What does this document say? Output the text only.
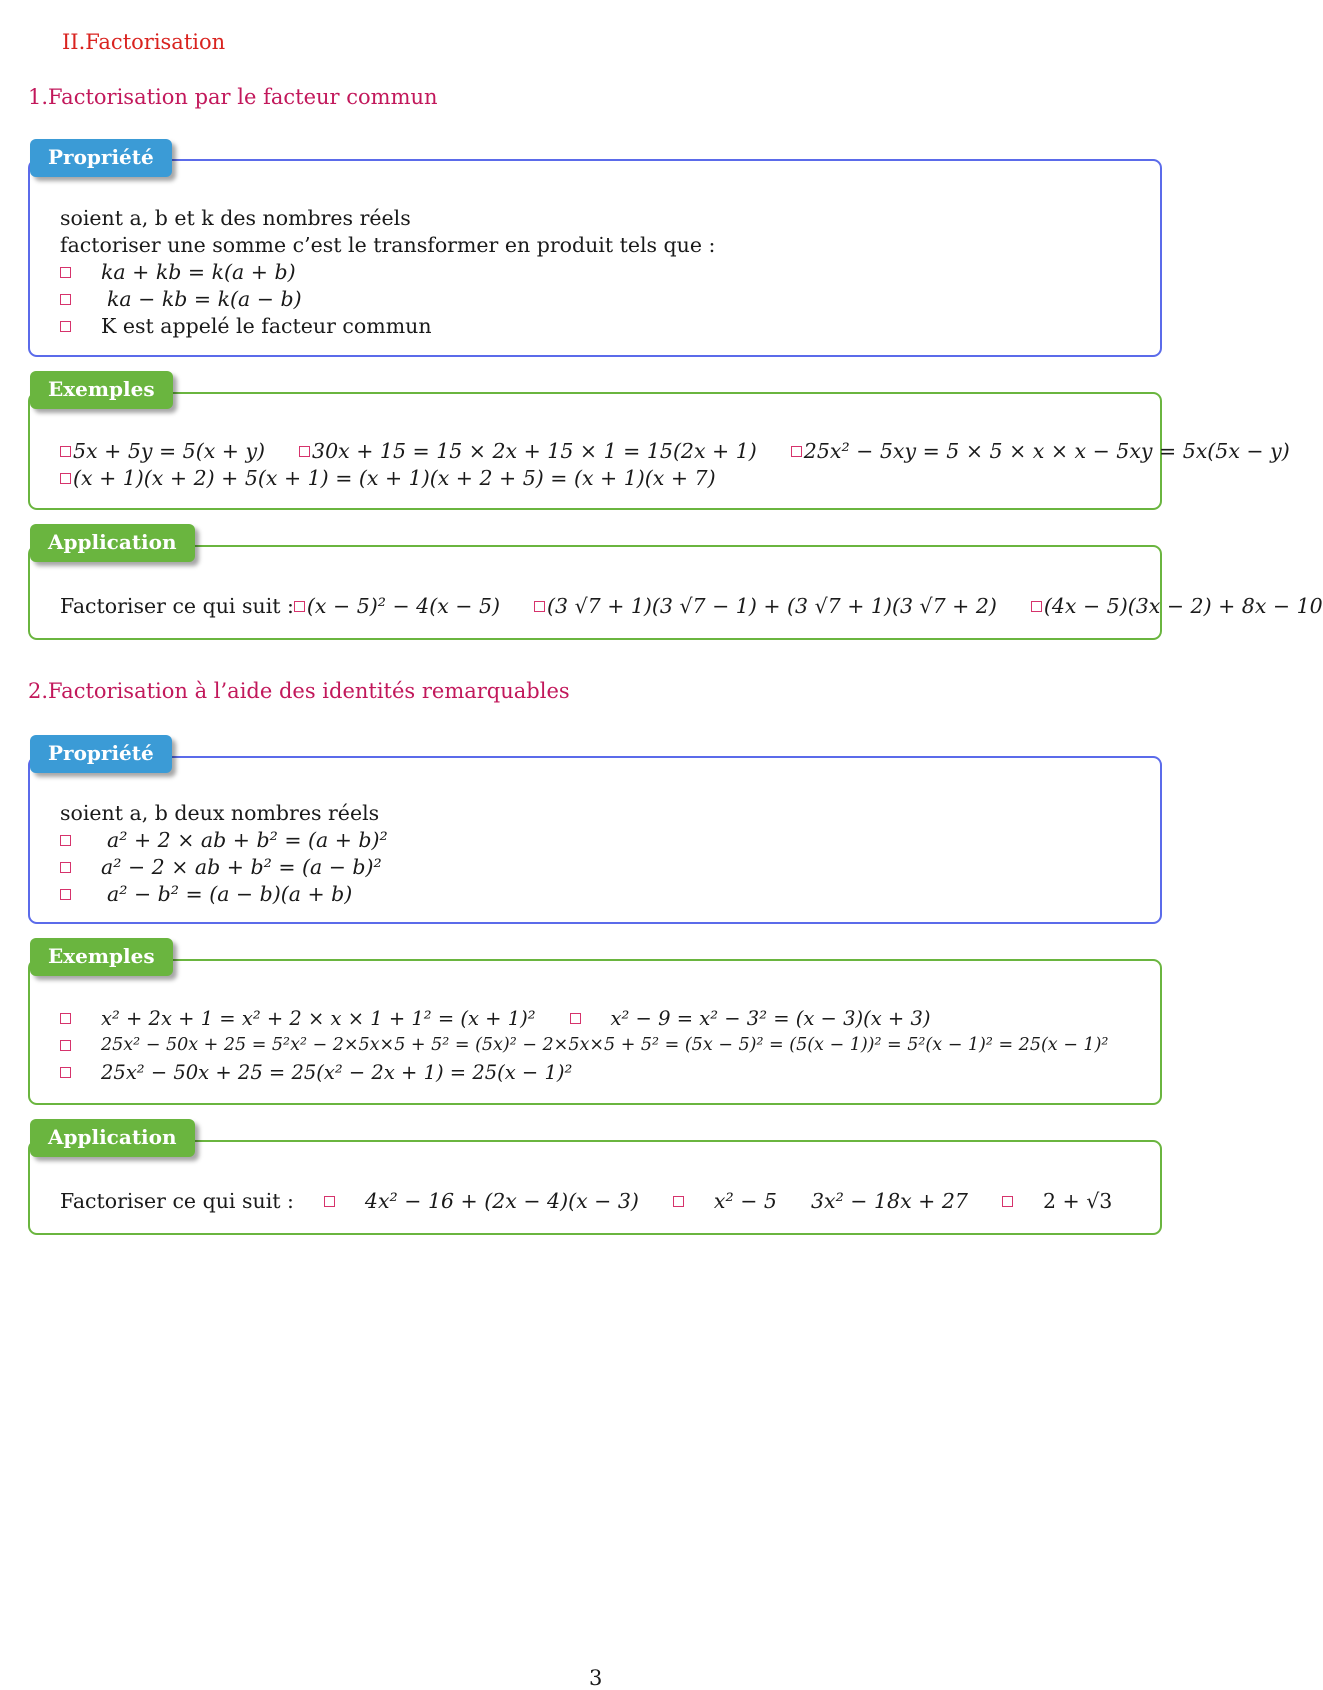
II.Factorisation
1.Factorisation par le facteur commun
Propriété
soient a, b et k des nombres réels
factoriser une somme c’est le transformer en produit tels que :
ka + kb = k(a + b)
ka − kb = k(a − b)
K est appelé le facteur commun
Exemples
5x + 5y = 5(x + y) 30x + 15 = 15 × 2x + 15 × 1 = 15(2x + 1) 25x² − 5xy = 5 × 5 × x × x − 5xy = 5x(5x − y)
(x + 1)(x + 2) + 5(x + 1) = (x + 1)(x + 2 + 5) = (x + 1)(x + 7)
Application
Factoriser ce qui suit : (x − 5)² − 4(x − 5) (3 √7 + 1)(3 √7 − 1) + (3 √7 + 1)(3 √7 + 2) (4x − 5)(3x − 2) + 8x − 10
2.Factorisation à l’aide des identités remarquables
Propriété
soient a, b deux nombres réels
a² + 2 × ab + b² = (a + b)²
a² − 2 × ab + b² = (a − b)²
a² − b² = (a − b)(a + b)
Exemples
x² + 2x + 1 = x² + 2 × x × 1 + 1² = (x + 1)²	x² − 9 = x² − 3² = (x − 3)(x + 3)
25x² − 50x + 25 = 5²x² − 2×5x×5 + 5² = (5x)² − 2×5x×5 + 5² = (5x − 5)² = (5(x − 1))² = 5²(x − 1)² = 25(x − 1)²
25x² − 50x + 25 = 25(x² − 2x + 1) = 25(x − 1)²
Application
Factoriser ce qui suit :	4x² − 16 + (2x − 4)(x − 3)	x² − 5 3x² − 18x + 27	2 + √3
3
